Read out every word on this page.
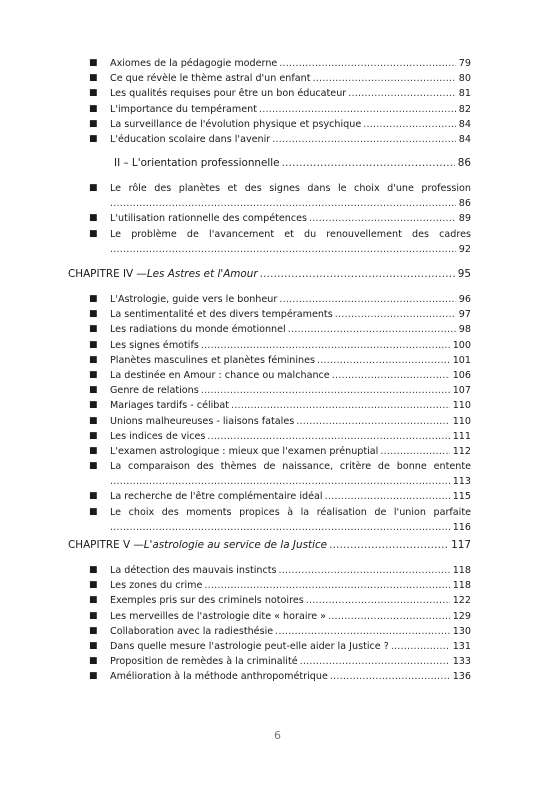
■	Axiomes de la pédagogie moderne .....	79
■	Ce que révèle le thème astral d'un enfant .....	80
■	Les qualités requises pour être un bon éducateur .....	81
■	L'importance du tempérament .....	82
■	La surveillance de l'évolution physique et psychique .....	84
■	L'éducation scolaire dans l'avenir .....	84
II – L'orientation professionnelle .....	86
■	Le rôle des planètes et des signes dans le choix d'une profession
.....
86
■	L'utilisation rationnelle des compétences .....	89
■	Le problème de l'avancement et du renouvellement des cadres
.....
92
CHAPITRE IV — Les Astres et l'Amour .....	95
■	L'Astrologie, guide vers le bonheur .....	96
■	La sentimentalité et des divers tempéraments .....	97
■	Les radiations du monde émotionnel .....	98
■	Les signes émotifs .....	100
■	Planètes masculines et planètes féminines .....	101
■	La destinée en Amour : chance ou malchance .....	106
■	Genre de relations .....	107
■	Mariages tardifs - célibat .....	110
■	Unions malheureuses - liaisons fatales .....	110
■	Les indices de vices .....	111
■	L'examen astrologique : mieux que l'examen prénuptial .....	112
■	La comparaison des thèmes de naissance, critère de bonne entente
.....
113
■	La recherche de l'être complémentaire idéal .....	115
■	Le choix des moments propices à la réalisation de l'union parfaite
.....
116
CHAPITRE V — L'astrologie au service de la Justice .....	117
■	La détection des mauvais instincts .....	118
■	Les zones du crime .....	118
■	Exemples pris sur des criminels notoires .....	122
■	Les merveilles de l'astrologie dite « horaire » .....	129
■	Collaboration avec la radiesthésie .....	130
■	Dans quelle mesure l'astrologie peut-elle aider la Justice ? .....	131
■	Proposition de remèdes à la criminalité .....	133
■	Amélioration à la méthode anthropométrique .....	136
6
